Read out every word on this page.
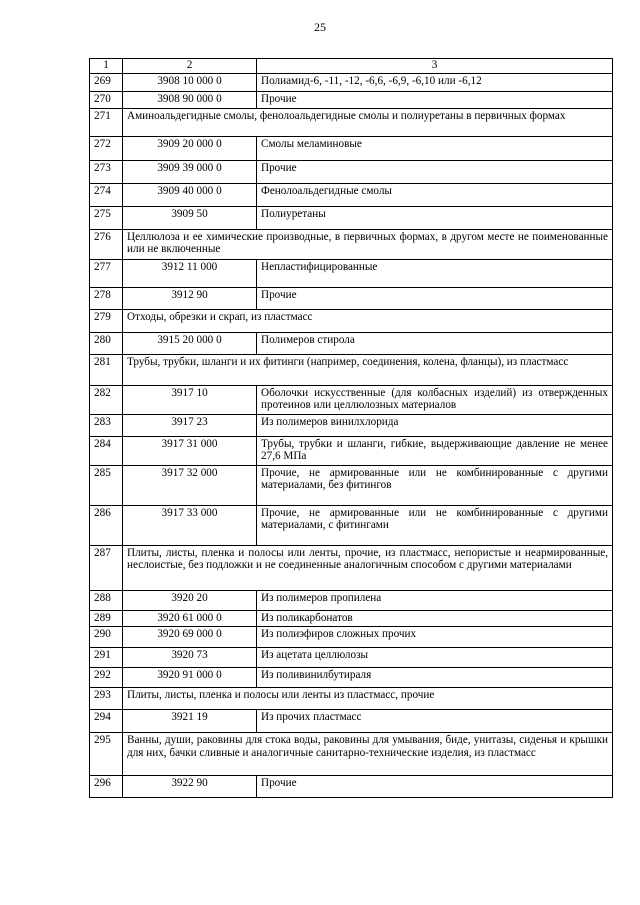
25
1	2	3
269	3908 10 000 0	Полиамид-6, -11, -12, -6,6, -6,9, -6,10 или -6,12
270	3908 90 000 0	Прочие
271	Аминоальдегидные смолы, фенолоальдегидные смолы и полиуретаны в первичных формах	
272	3909 20 000 0	Смолы меламиновые
273	3909 39 000 0	Прочие
274	3909 40 000 0	Фенолоальдегидные смолы
275	3909 50	Полиуретаны
276	Целлюлоза и ее химические производные, в первичных формах, в другом месте не поименованные или не включенные	
277	3912 11 000	Непластифицированные
278	3912 90	Прочие
279	Отходы, обрезки и скрап, из пластмасс	
280	3915 20 000 0	Полимеров стирола
281	Трубы, трубки, шланги и их фитинги (например, соединения, колена, фланцы), из пластмасс	
282	3917 10	Оболочки искусственные (для колбасных изделий) из отвержденных протеинов или целлюлозных материалов
283	3917 23	Из полимеров винилхлорида
284	3917 31 000	Трубы, трубки и шланги, гибкие, выдерживающие давление не менее 27,6 МПа
285	3917 32 000	Прочие, не армированные или не комбинированные с другими материалами, без фитингов
286	3917 33 000	Прочие, не армированные или не комбинированные с другими материалами, с фитингами
287	Плиты, листы, пленка и полосы или ленты, прочие, из пластмасс, непористые и неармированные, неслоистые, без подложки и не соединенные аналогичным способом с другими материалами	
288	3920 20	Из полимеров пропилена
289	3920 61 000 0	Из поликарбонатов
290	3920 69 000 0	Из полиэфиров сложных прочих
291	3920 73	Из ацетата целлюлозы
292	3920 91 000 0	Из поливинилбутираля
293	Плиты, листы, пленка и полосы или ленты из пластмасс, прочие	
294	3921 19	Из прочих пластмасс
295	Ванны, души, раковины для стока воды, раковины для умывания, биде, унитазы, сиденья и крышки для них, бачки сливные и аналогичные санитарно-технические изделия, из пластмасс	
296	3922 90	Прочие
